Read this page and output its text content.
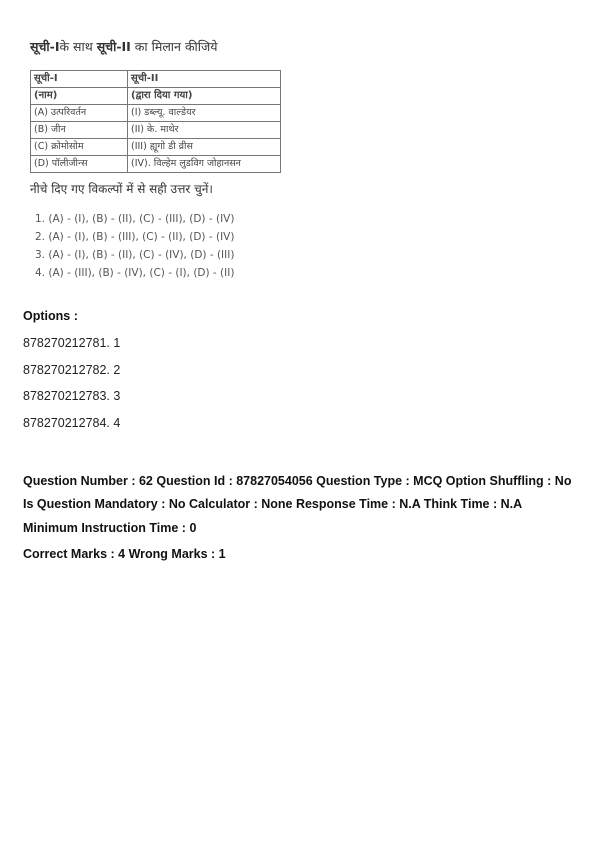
सूची-Iके साथ सूची-II का मिलान कीजिये
सूची-I	सूची-II
(नाम)	(द्वारा दिया गया)
(A) उत्परिवर्तन	(I) डब्ल्यू. वाल्डेयर
(B) जीन	(II) के. माथेर
(C) क्रोमोसोम	(III) ह्यूगो डी व्रीस
(D) पॉलीजीन्स	(IV). विल्हेम लुडविग जोहानसन
नीचे दिए गए विकल्पों में से सही उत्तर चुनें।
1. (A) - (I), (B) - (II), (C) - (III), (D) - (IV)
2. (A) - (I), (B) - (III), (C) - (II), (D) - (IV)
3. (A) - (I), (B) - (II), (C) - (IV), (D) - (III)
4. (A) - (III), (B) - (IV), (C) - (I), (D) - (II)
Options :
878270212781. 1
878270212782. 2
878270212783. 3
878270212784. 4
Question Number : 62 Question Id : 87827054056 Question Type : MCQ Option Shuffling : No
Is Question Mandatory : No Calculator : None Response Time : N.A Think Time : N.A
Minimum Instruction Time : 0
Correct Marks : 4 Wrong Marks : 1
